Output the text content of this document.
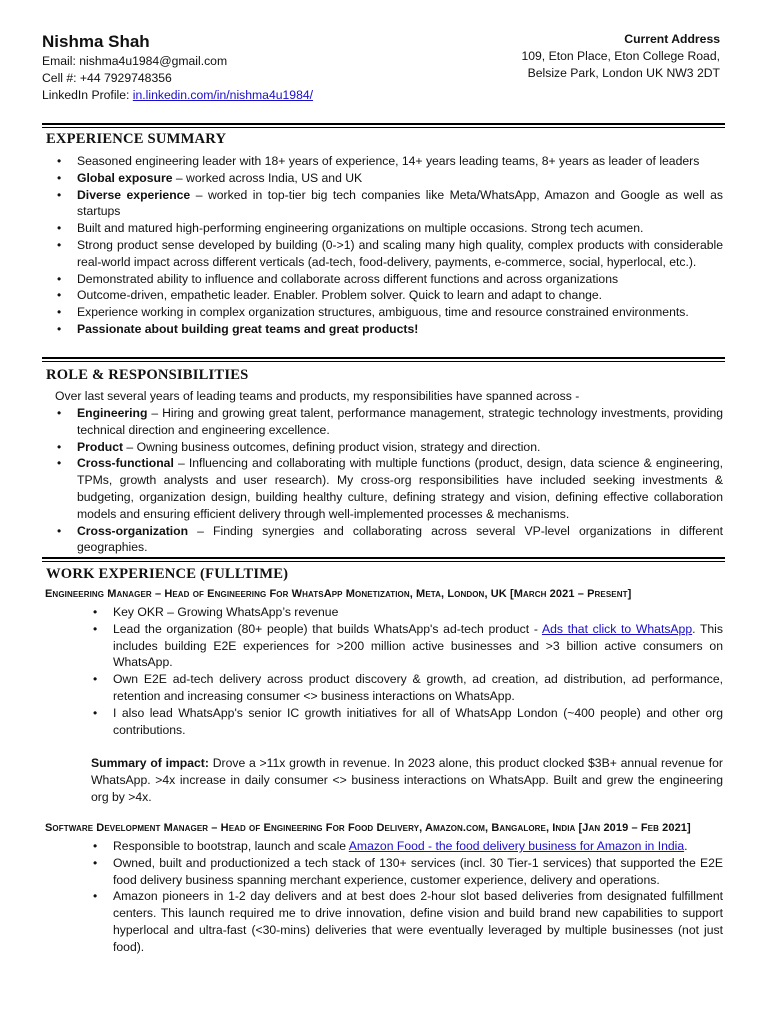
Nishma Shah
Email: nishma4u1984@gmail.com
Cell #: +44 7929748356
LinkedIn Profile: in.linkedin.com/in/nishma4u1984/
Current Address
109, Eton Place, Eton College Road,
Belsize Park, London UK NW3 2DT
EXPERIENCE SUMMARY
• Seasoned engineering leader with 18+ years of experience, 14+ years leading teams, 8+ years as leader of leaders
• Global exposure – worked across India, US and UK
• Diverse experience – worked in top-tier big tech companies like Meta/WhatsApp, Amazon and Google as well as startups
• Built and matured high-performing engineering organizations on multiple occasions. Strong tech acumen.
• Strong product sense developed by building (0->1) and scaling many high quality, complex products with considerable real-world impact across different verticals (ad-tech, food-delivery, payments, e-commerce, social, hyperlocal, etc.).
• Demonstrated ability to influence and collaborate across different functions and across organizations
• Outcome-driven, empathetic leader. Enabler. Problem solver. Quick to learn and adapt to change.
• Experience working in complex organization structures, ambiguous, time and resource constrained environments.
• Passionate about building great teams and great products!
ROLE & RESPONSIBILITIES
Over last several years of leading teams and products, my responsibilities have spanned across -
• Engineering – Hiring and growing great talent, performance management, strategic technology investments, providing technical direction and engineering excellence.
• Product – Owning business outcomes, defining product vision, strategy and direction.
• Cross-functional – Influencing and collaborating with multiple functions (product, design, data science & engineering, TPMs, growth analysts and user research). My cross-org responsibilities have included seeking investments & budgeting, organization design, building healthy culture, defining strategy and vision, defining effective collaboration models and ensuring efficient delivery through well-implemented processes & mechanisms.
• Cross-organization – Finding synergies and collaborating across several VP-level organizations in different geographies.
WORK EXPERIENCE (FULLTIME)
Engineering Manager – Head of Engineering For WhatsApp Monetization, Meta, London, UK [March 2021 – Present]
• Key OKR – Growing WhatsApp’s revenue
• Lead the organization (80+ people) that builds WhatsApp's ad-tech product - Ads that click to WhatsApp. This includes building E2E experiences for >200 million active businesses and >3 billion active consumers on WhatsApp.
• Own E2E ad-tech delivery across product discovery & growth, ad creation, ad distribution, ad performance, retention and increasing consumer <> business interactions on WhatsApp.
• I also lead WhatsApp's senior IC growth initiatives for all of WhatsApp London (~400 people) and other org contributions.
Summary of impact: Drove a >11x growth in revenue. In 2023 alone, this product clocked $3B+ annual revenue for WhatsApp. >4x increase in daily consumer <> business interactions on WhatsApp. Built and grew the engineering org by >4x.
Software Development Manager – Head of Engineering For Food Delivery, Amazon.com, Bangalore, India [Jan 2019 – Feb 2021]
• Responsible to bootstrap, launch and scale Amazon Food - the food delivery business for Amazon in India.
• Owned, built and productionized a tech stack of 130+ services (incl. 30 Tier-1 services) that supported the E2E food delivery business spanning merchant experience, customer experience, delivery and operations.
• Amazon pioneers in 1-2 day delivers and at best does 2-hour slot based deliveries from designated fulfillment centers. This launch required me to drive innovation, define vision and build brand new capabilities to support hyperlocal and ultra-fast (<30-mins) deliveries that were eventually leveraged by multiple businesses (not just food).
